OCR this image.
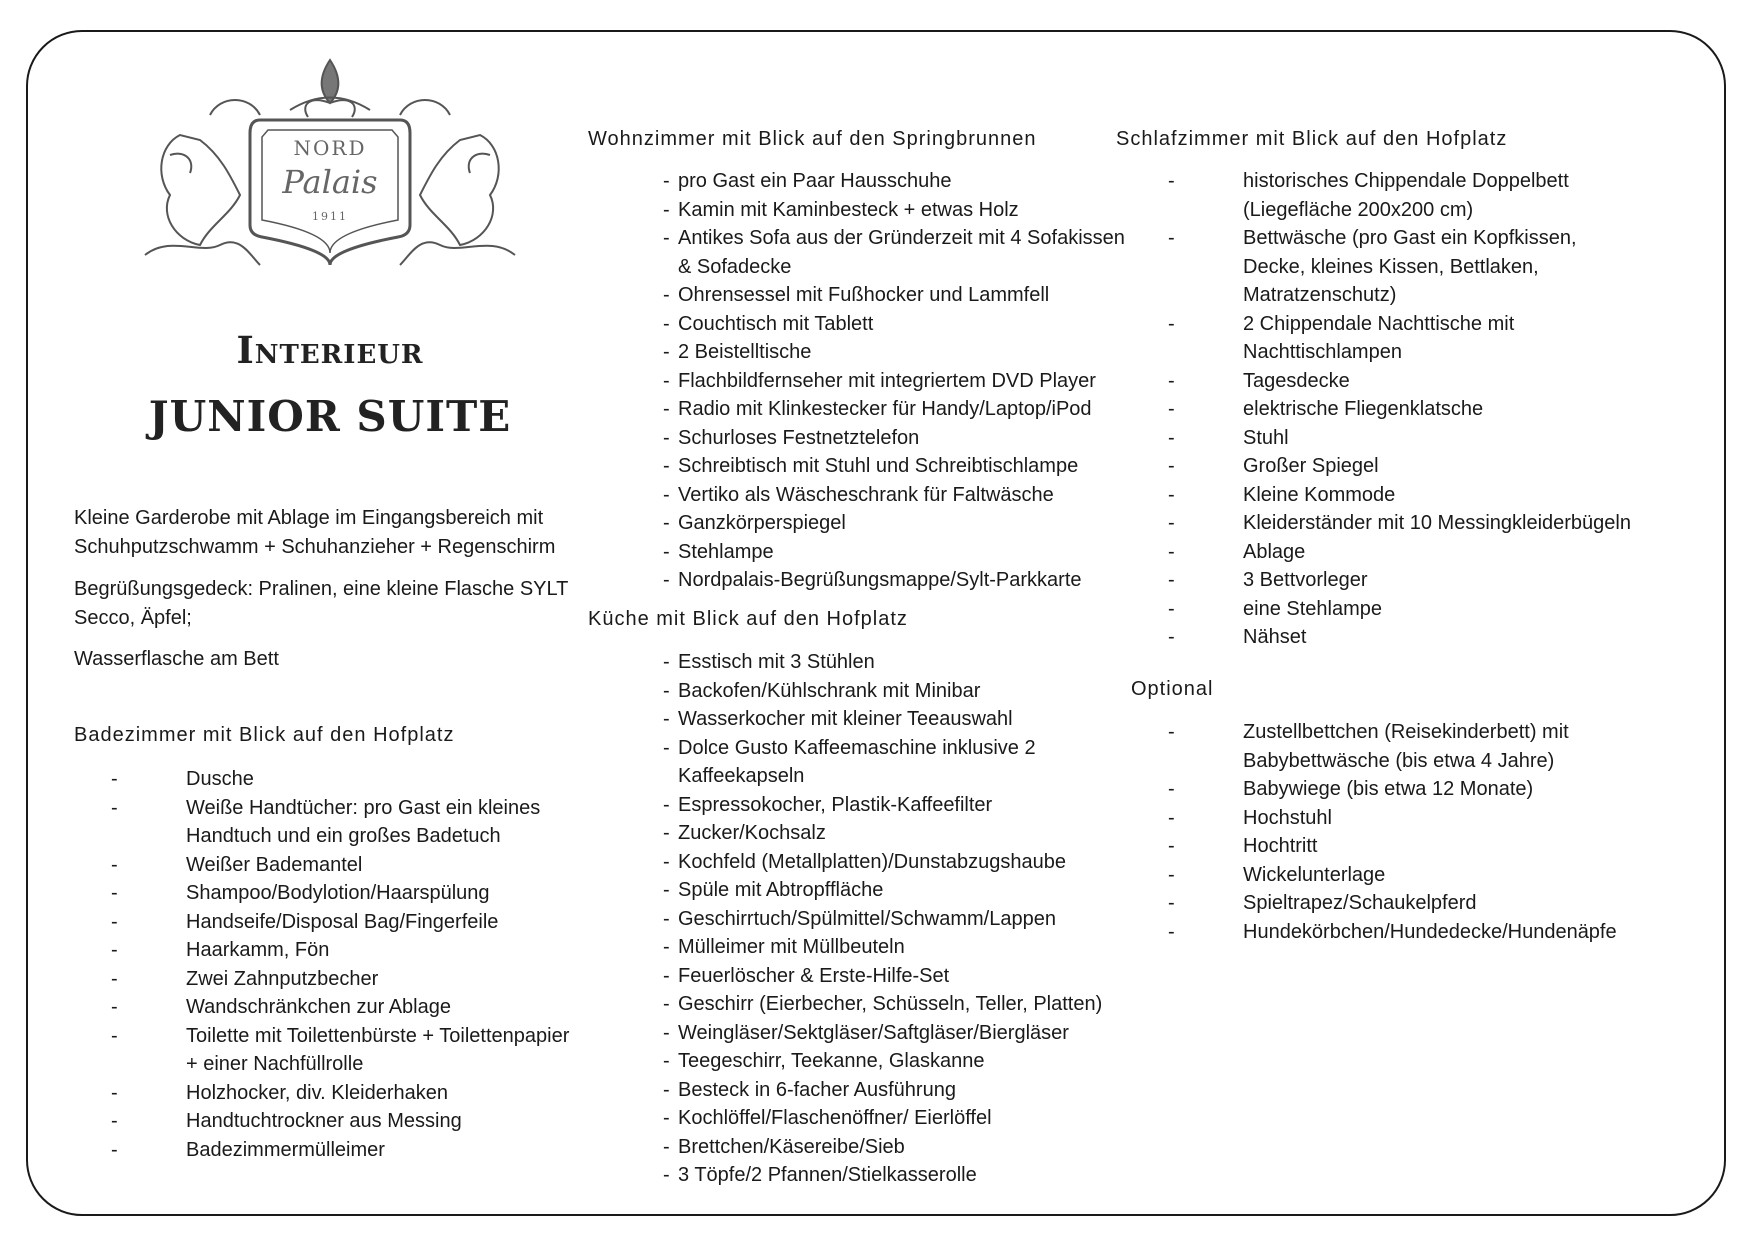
NORD
Palais
1911
Interieur
JUNIOR SUITE

Kleine Garderobe mit Ablage im Eingangsbereich mit Schuhputzschwamm + Schuhanzieher + Regenschirm

Begrüßungsgedeck: Pralinen, eine kleine Flasche SYLT Secco, Äpfel;

Wasserflasche am Bett

Badezimmer mit Blick auf den Hofplatz
-	Dusche
-	Weiße Handtücher: pro Gast ein kleines Handtuch und ein großes Badetuch
-	Weißer Bademantel
-	Shampoo/Bodylotion/Haarspülung
-	Handseife/Disposal Bag/Fingerfeile
-	Haarkamm, Fön
-	Zwei Zahnputzbecher
-	Wandschränkchen zur Ablage
-	Toilette mit Toilettenbürste + Toilettenpapier + einer Nachfüllrolle
-	Holzhocker, div. Kleiderhaken
-	Handtuchtrockner aus Messing
-	Badezimmermülleimer
Wohnzimmer mit Blick auf den Springbrunnen
- pro Gast ein Paar Hausschuhe
- Kamin mit Kaminbesteck + etwas Holz
- Antikes Sofa aus der Gründerzeit mit 4 Sofakissen & Sofadecke
- Ohrensessel mit Fußhocker und Lammfell
- Couchtisch mit Tablett
- 2 Beistelltische
- Flachbildfernseher mit integriertem DVD Player
- Radio mit Klinkestecker für Handy/Laptop/iPod
- Schurloses Festnetztelefon
- Schreibtisch mit Stuhl und Schreibtischlampe
- Vertiko als Wäscheschrank für Faltwäsche
- Ganzkörperspiegel
- Stehlampe
- Nordpalais-Begrüßungsmappe/Sylt-Parkkarte
Küche mit Blick auf den Hofplatz
- Esstisch mit 3 Stühlen
- Backofen/Kühlschrank mit Minibar
- Wasserkocher mit kleiner Teeauswahl
- Dolce Gusto Kaffeemaschine inklusive 2 Kaffeekapseln
- Espressokocher, Plastik-Kaffeefilter
- Zucker/Kochsalz
- Kochfeld (Metallplatten)/Dunstabzugshaube
- Spüle mit Abtropffläche
- Geschirrtuch/Spülmittel/Schwamm/Lappen
- Mülleimer mit Müllbeuteln
- Feuerlöscher & Erste-Hilfe-Set
- Geschirr (Eierbecher, Schüsseln, Teller, Platten)
- Weingläser/Sektgläser/Saftgläser/Biergläser
- Teegeschirr, Teekanne, Glaskanne
- Besteck in 6-facher Ausführung
- Kochlöffel/Flaschenöffner/ Eierlöffel
- Brettchen/Käsereibe/Sieb
- 3 Töpfe/2 Pfannen/Stielkasserolle
Schlafzimmer mit Blick auf den Hofplatz
-	historisches Chippendale Doppelbett (Liegefläche 200x200 cm)
-	Bettwäsche (pro Gast ein Kopfkissen, Decke, kleines Kissen, Bettlaken, Matratzenschutz)
-	2 Chippendale Nachttische mit Nachttischlampen
-	Tagesdecke
-	elektrische Fliegenklatsche
-	Stuhl
-	Großer Spiegel
-	Kleine Kommode
-	Kleiderständer mit 10 Messingkleiderbügeln
-	Ablage
-	3 Bettvorleger
-	eine Stehlampe
-	Nähset
Optional
-	Zustellbettchen (Reisekinderbett) mit Babybettwäsche (bis etwa 4 Jahre)
-	Babywiege (bis etwa 12 Monate)
-	Hochstuhl
-	Hochtritt
-	Wickelunterlage
-	Spieltrapez/Schaukelpferd
-	Hundekörbchen/Hundedecke/Hundenäpfe
